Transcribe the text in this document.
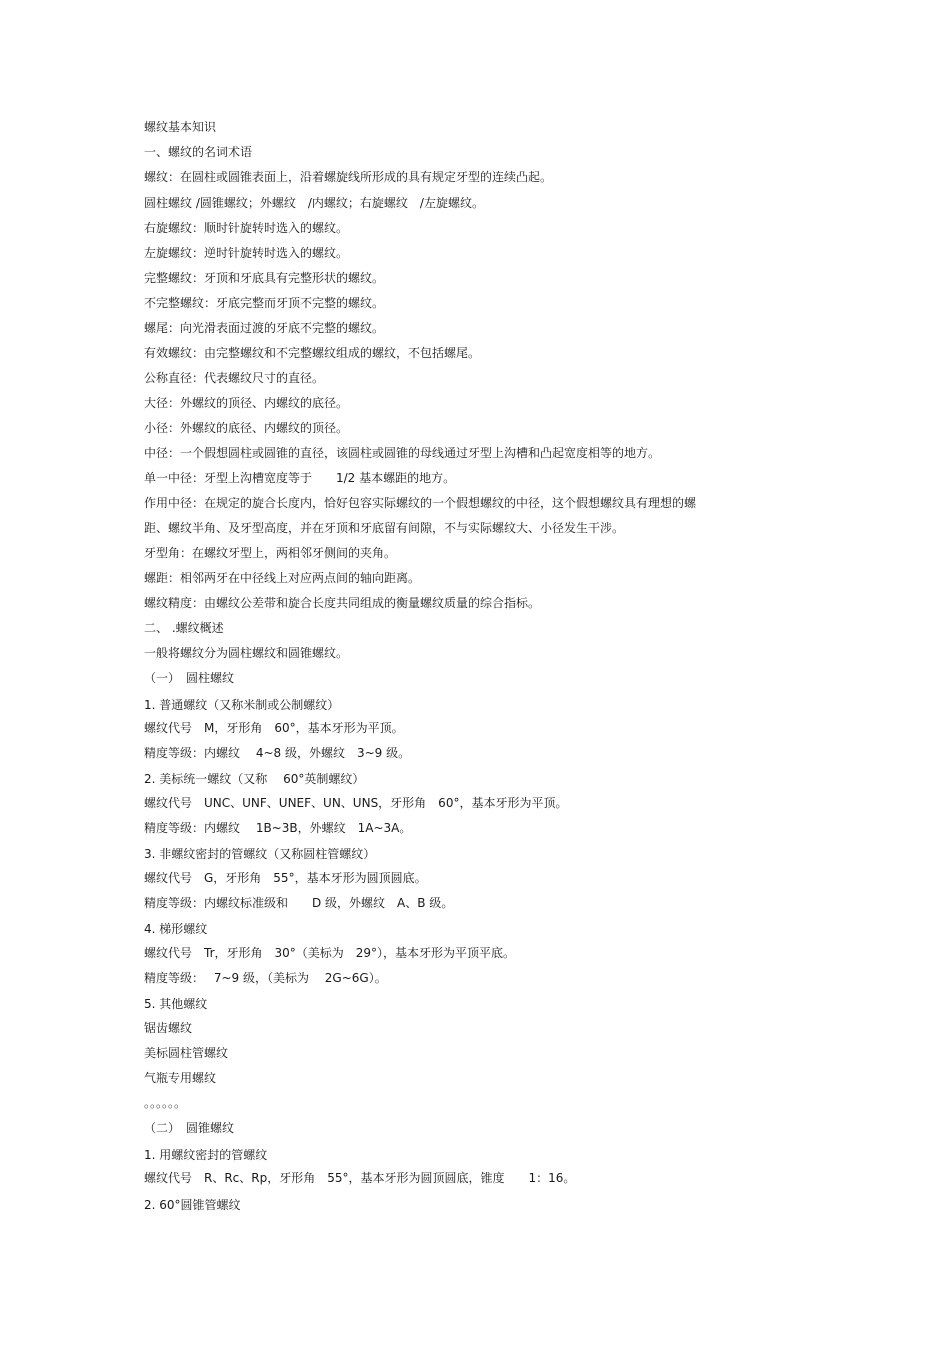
螺纹基本知识
一、螺纹的名词术语
螺纹：在圆柱或圆锥表面上，沿着螺旋线所形成的具有规定牙型的连续凸起。
圆柱螺纹 /圆锥螺纹；外螺纹　/内螺纹；右旋螺纹　/左旋螺纹。
右旋螺纹：顺时针旋转时选入的螺纹。
左旋螺纹：逆时针旋转时选入的螺纹。
完整螺纹：牙顶和牙底具有完整形状的螺纹。
不完整螺纹：牙底完整而牙顶不完整的螺纹。
螺尾：向光滑表面过渡的牙底不完整的螺纹。
有效螺纹：由完整螺纹和不完整螺纹组成的螺纹，不包括螺尾。
公称直径：代表螺纹尺寸的直径。
大径：外螺纹的顶径、内螺纹的底径。
小径：外螺纹的底径、内螺纹的顶径。
中径：一个假想圆柱或圆锥的直径，该圆柱或圆锥的母线通过牙型上沟槽和凸起宽度相等的地方。
单一中径：牙型上沟槽宽度等于　　1/2 基本螺距的地方。
作用中径：在规定的旋合长度内，恰好包容实际螺纹的一个假想螺纹的中径，这个假想螺纹具有理想的螺
距、螺纹半角、及牙型高度，并在牙顶和牙底留有间隙，不与实际螺纹大、小径发生干涉。
牙型角：在螺纹牙型上，两相邻牙侧间的夹角。
螺距：相邻两牙在中径线上对应两点间的轴向距离。
螺纹精度：由螺纹公差带和旋合长度共同组成的衡量螺纹质量的综合指标。
二、 .螺纹概述
一般将螺纹分为圆柱螺纹和圆锥螺纹。
（一）　圆柱螺纹
1. 普通螺纹（又称米制或公制螺纹）
螺纹代号　M，牙形角　60°，基本牙形为平顶。
精度等级：内螺纹　 4~8 级，外螺纹　3~9 级。
2. 美标统一螺纹（又称　 60°英制螺纹）
螺纹代号　UNC、UNF、UNEF、UN、UNS，牙形角　60°，基本牙形为平顶。
精度等级：内螺纹　 1B~3B，外螺纹　1A~3A。
3. 非螺纹密封的管螺纹（又称圆柱管螺纹）
螺纹代号　G，牙形角　55°，基本牙形为圆顶圆底。
精度等级：内螺纹标准级和　　D 级，外螺纹　A、B 级。
4. 梯形螺纹
螺纹代号　Tr，牙形角　30°（美标为　29°），基本牙形为平顶平底。
精度等级：　 7~9 级，（美标为　 2G~6G）。
5. 其他螺纹
锯齿螺纹
美标圆柱管螺纹
气瓶专用螺纹
。。。。。。
（二）　圆锥螺纹
1. 用螺纹密封的管螺纹
螺纹代号　R、Rc、Rp，牙形角　55°，基本牙形为圆顶圆底，锥度　　1：16。
2. 60°圆锥管螺纹
